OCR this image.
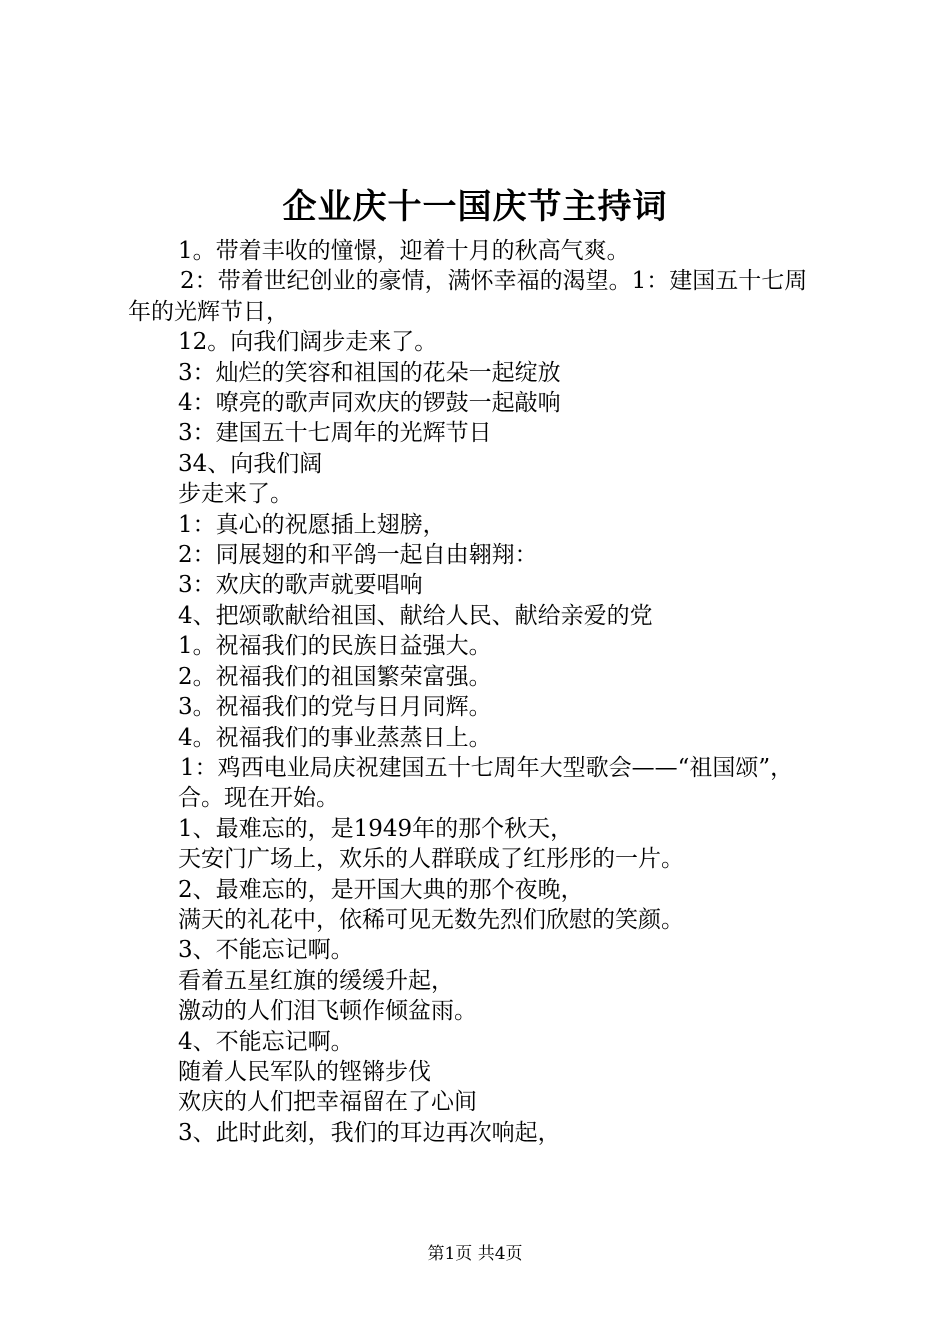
企业庆十一国庆节主持词
1。带着丰收的憧憬，迎着十月的秋高气爽。
2：带着世纪创业的豪情，满怀幸福的渴望。1：建国五十七周年的光辉节日，
12。向我们阔步走来了。
3：灿烂的笑容和祖国的花朵一起绽放
4：嘹亮的歌声同欢庆的锣鼓一起敲响
3：建国五十七周年的光辉节日
34、向我们阔
步走来了。
1：真心的祝愿插上翅膀，
2：同展翅的和平鸽一起自由翱翔：
3：欢庆的歌声就要唱响
4、把颂歌献给祖国、献给人民、献给亲爱的党
1。祝福我们的民族日益强大。
2。祝福我们的祖国繁荣富强。
3。祝福我们的党与日月同辉。
4。祝福我们的事业蒸蒸日上。
1：鸡西电业局庆祝建国五十七周年大型歌会——“祖国颂”，
合。现在开始。
1、最难忘的，是1949年的那个秋天，
天安门广场上，欢乐的人群联成了红彤彤的一片。
2、最难忘的，是开国大典的那个夜晚，
满天的礼花中，依稀可见无数先烈们欣慰的笑颜。
3、不能忘记啊。
看着五星红旗的缓缓升起，
激动的人们泪飞顿作倾盆雨。
4、不能忘记啊。
随着人民军队的铿锵步伐
欢庆的人们把幸福留在了心间
3、此时此刻，我们的耳边再次响起，
第1页 共4页
